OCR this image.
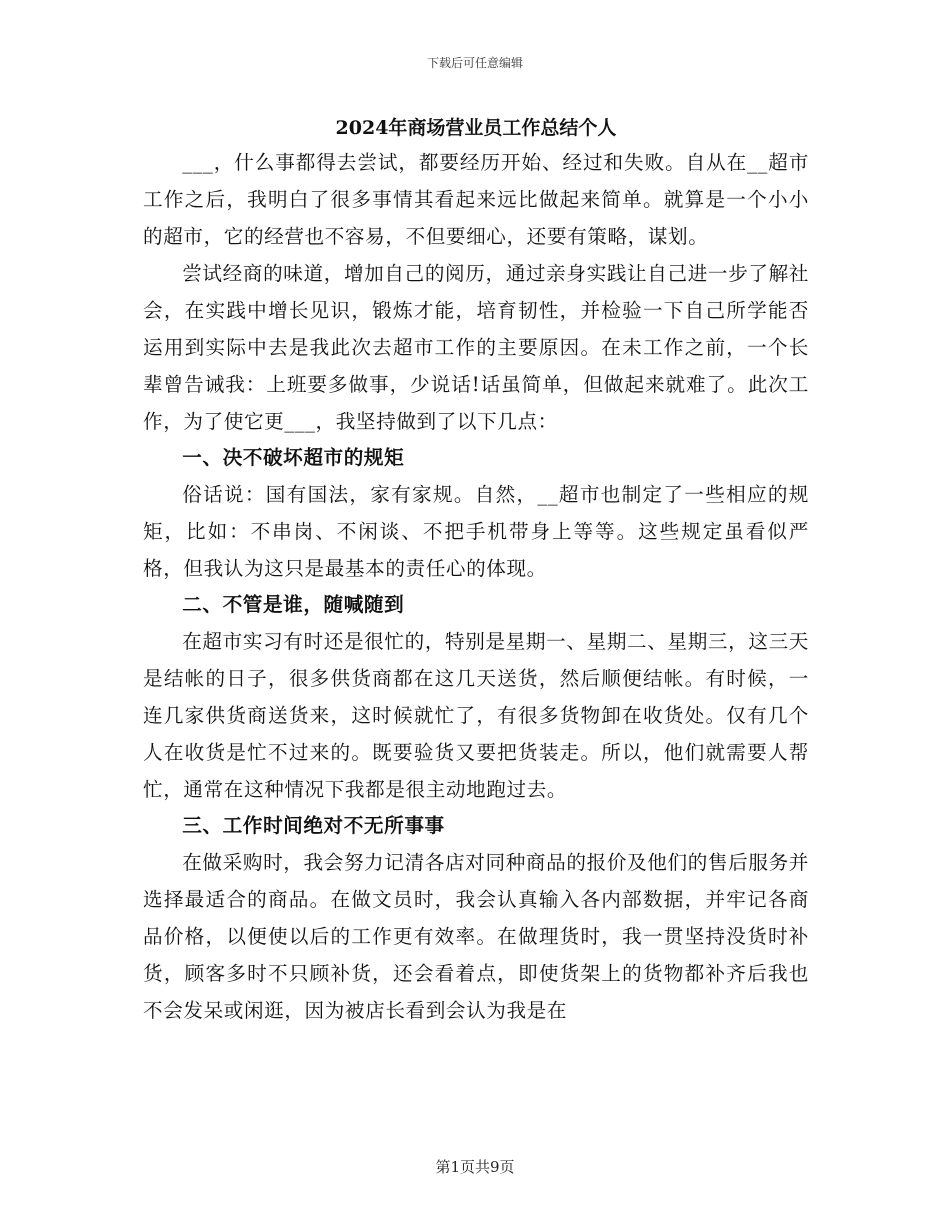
下载后可任意编辑
2024年商场营业员工作总结个人

___，什么事都得去尝试，都要经历开始、经过和失败。自从在__超市工作之后，我明白了很多事情其看起来远比做起来简单。就算是一个小小的超市，它的经营也不容易，不但要细心，还要有策略，谋划。

尝试经商的味道，增加自己的阅历，通过亲身实践让自己进一步了解社会，在实践中增长见识，锻炼才能，培育韧性，并检验一下自己所学能否运用到实际中去是我此次去超市工作的主要原因。在未工作之前，一个长辈曾告诫我：上班要多做事，少说话!话虽简单，但做起来就难了。此次工作，为了使它更___，我坚持做到了以下几点：

一、决不破坏超市的规矩

俗话说：国有国法，家有家规。自然，__超市也制定了一些相应的规矩，比如：不串岗、不闲谈、不把手机带身上等等。这些规定虽看似严格，但我认为这只是最基本的责任心的体现。

二、不管是谁，随喊随到

在超市实习有时还是很忙的，特别是星期一、星期二、星期三，这三天是结帐的日子，很多供货商都在这几天送货，然后顺便结帐。有时候，一连几家供货商送货来，这时候就忙了，有很多货物卸在收货处。仅有几个人在收货是忙不过来的。既要验货又要把货装走。所以，他们就需要人帮忙，通常在这种情况下我都是很主动地跑过去。

三、工作时间绝对不无所事事

在做采购时，我会努力记清各店对同种商品的报价及他们的售后服务并选择最适合的商品。在做文员时，我会认真输入各内部数据，并牢记各商品价格，以便使以后的工作更有效率。在做理货时，我一贯坚持没货时补货，顾客多时不只顾补货，还会看着点，即使货架上的货物都补齐后我也不会发呆或闲逛，因为被店长看到会认为我是在

第1页共9页
